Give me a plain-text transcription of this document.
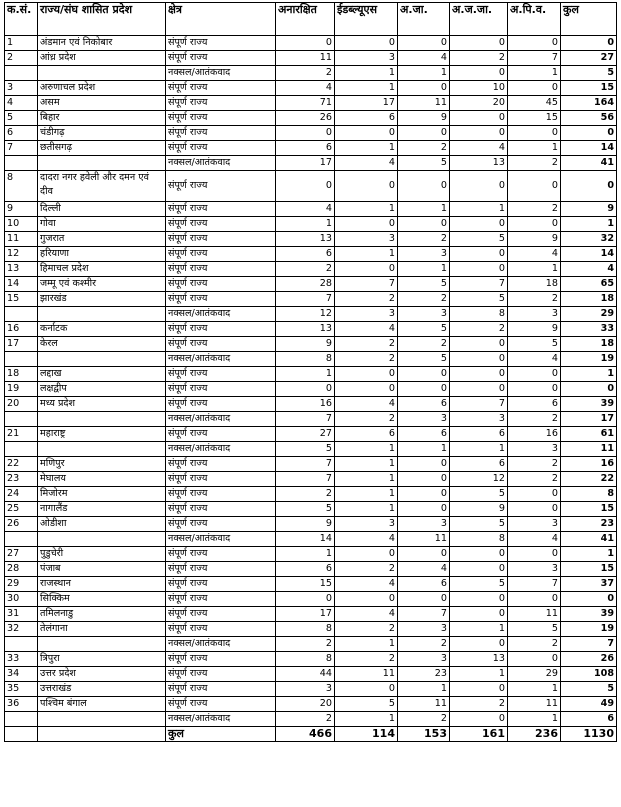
क.सं.	राज्य/संघ शासित प्रदेश	क्षेत्र	अनारक्षित	ईडब्ल्यूएस	अ.जा.	अ.ज.जा.	अ.पि.व.	कुल
1	अंडमान एवं निकोबार	संपूर्ण राज्य	0	0	0	0	0	0
2	आंध्र प्रदेश	संपूर्ण राज्य	11	3	4	2	7	27
		नक्सल/आतंकवाद	2	1	1	0	1	5
3	अरुणाचल प्रदेश	संपूर्ण राज्य	4	1	0	10	0	15
4	असम	संपूर्ण राज्य	71	17	11	20	45	164
5	बिहार	संपूर्ण राज्य	26	6	9	0	15	56
6	चंडीगढ़	संपूर्ण राज्य	0	0	0	0	0	0
7	छतीसगढ़	संपूर्ण राज्य	6	1	2	4	1	14
		नक्सल/आतंकवाद	17	4	5	13	2	41
8	दादरा नगर हवेली और दमन एवं दीव	संपूर्ण राज्य	0	0	0	0	0	0
9	दिल्ली	संपूर्ण राज्य	4	1	1	1	2	9
10	गोवा	संपूर्ण राज्य	1	0	0	0	0	1
11	गुजरात	संपूर्ण राज्य	13	3	2	5	9	32
12	हरियाणा	संपूर्ण राज्य	6	1	3	0	4	14
13	हिमाचल प्रदेश	संपूर्ण राज्य	2	0	1	0	1	4
14	जम्मू एवं कश्मीर	संपूर्ण राज्य	28	7	5	7	18	65
15	झारखंड	संपूर्ण राज्य	7	2	2	5	2	18
		नक्सल/आतंकवाद	12	3	3	8	3	29
16	कर्नाटक	संपूर्ण राज्य	13	4	5	2	9	33
17	केरल	संपूर्ण राज्य	9	2	2	0	5	18
		नक्सल/आतंकवाद	8	2	5	0	4	19
18	लद्दाख	संपूर्ण राज्य	1	0	0	0	0	1
19	लक्षद्वीप	संपूर्ण राज्य	0	0	0	0	0	0
20	मध्य प्रदेश	संपूर्ण राज्य	16	4	6	7	6	39
		नक्सल/आतंकवाद	7	2	3	3	2	17
21	महाराष्ट्र	संपूर्ण राज्य	27	6	6	6	16	61
		नक्सल/आतंकवाद	5	1	1	1	3	11
22	मणिपुर	संपूर्ण राज्य	7	1	0	6	2	16
23	मेघालय	संपूर्ण राज्य	7	1	0	12	2	22
24	मिजोरम	संपूर्ण राज्य	2	1	0	5	0	8
25	नागालैंड	संपूर्ण राज्य	5	1	0	9	0	15
26	ओडीशा	संपूर्ण राज्य	9	3	3	5	3	23
		नक्सल/आतंकवाद	14	4	11	8	4	41
27	पुडुचेरी	संपूर्ण राज्य	1	0	0	0	0	1
28	पंजाब	संपूर्ण राज्य	6	2	4	0	3	15
29	राजस्थान	संपूर्ण राज्य	15	4	6	5	7	37
30	सिक्किम	संपूर्ण राज्य	0	0	0	0	0	0
31	तमिलनाडु	संपूर्ण राज्य	17	4	7	0	11	39
32	तेलंगाना	संपूर्ण राज्य	8	2	3	1	5	19
		नक्सल/आतंकवाद	2	1	2	0	2	7
33	त्रिपुरा	संपूर्ण राज्य	8	2	3	13	0	26
34	उत्तर प्रदेश	संपूर्ण राज्य	44	11	23	1	29	108
35	उत्तराखंड	संपूर्ण राज्य	3	0	1	0	1	5
36	पश्चिम बंगाल	संपूर्ण राज्य	20	5	11	2	11	49
		नक्सल/आतंकवाद	2	1	2	0	1	6
		कुल	466	114	153	161	236	1130
